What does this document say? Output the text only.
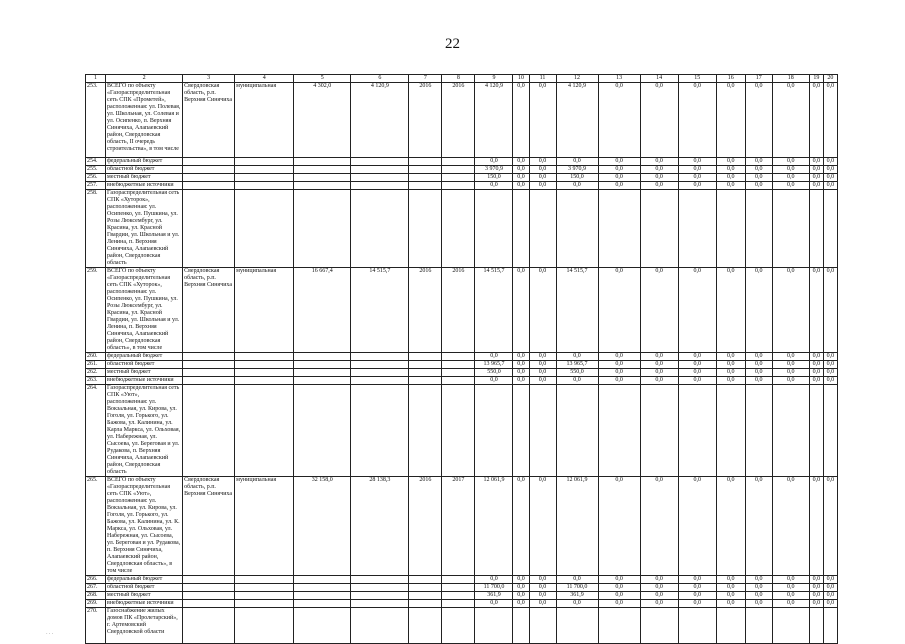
22
1	2	3	4	5	6	7	8	9	10	11	12	13	14	15	16	17	18	19	20
253.	ВСЕГО по объекту «Газораспределительная сеть СПК «Прометей», расположенная: ул. Полевая, ул. Школьная, ул. Солевая и ул. Осипенко, п. Верхняя Синячиха, Алапаевский район, Свердловская область, II очередь строительства», в том числе	Свердловская область, р.п. Верхняя Синячиха	муниципальная	4 302,0	4 120,9	2016	2016	4 120,9	0,0	0,0	4 120,9	0,0	0,0	0,0	0,0	0,0	0,0	0,0	0,0
254.	федеральный бюджет							0,0	0,0	0,0	0,0	0,0	0,0	0,0	0,0	0,0	0,0	0,0	0,0
255.	областной бюджет							3 970,9	0,0	0,0	3 970,9	0,0	0,0	0,0	0,0	0,0	0,0	0,0	0,0
256.	местный бюджет							150,0	0,0	0,0	150,0	0,0	0,0	0,0	0,0	0,0	0,0	0,0	0,0
257.	внебюджетные источники							0,0	0,0	0,0	0,0	0,0	0,0	0,0	0,0	0,0	0,0	0,0	0,0
258.	Газораспределительная сеть СПК «Хуторок», расположенная: ул. Осипенко, ул. Пушкина, ул. Розы Люксембург, ул. Красина, ул. Красной Гвардии, ул. Школьная и ул. Ленина, п. Верхняя Синячиха, Алапаевский район, Свердловская область																		
259.	ВСЕГО по объекту «Газораспределительная сеть СПК «Хуторок», расположенная: ул. Осипенко, ул. Пушкина, ул. Розы Люксембург, ул. Красина, ул. Красной Гвардии, ул. Школьная и ул. Ленина, п. Верхняя Синячиха, Алапаевский район, Свердловская область», в том числе	Свердловская область, р.п. Верхняя Синячиха	муниципальная	16 667,4	14 515,7	2016	2016	14 515,7	0,0	0,0	14 515,7	0,0	0,0	0,0	0,0	0,0	0,0	0,0	0,0
260.	федеральный бюджет							0,0	0,0	0,0	0,0	0,0	0,0	0,0	0,0	0,0	0,0	0,0	0,0
261.	областной бюджет							13 965,7	0,0	0,0	13 965,7	0,0	0,0	0,0	0,0	0,0	0,0	0,0	0,0
262.	местный бюджет							550,0	0,0	0,0	550,0	0,0	0,0	0,0	0,0	0,0	0,0	0,0	0,0
263.	внебюджетные источники							0,0	0,0	0,0	0,0	0,0	0,0	0,0	0,0	0,0	0,0	0,0	0,0
264.	Газораспределительная сеть СПК «Уют», расположенная: ул. Вокзальная, ул. Кирова, ул. Гоголя, ул. Горького, ул. Бажова, ул. Калинина, ул. Карла Маркса, ул. Ольховая, ул. Набережная, ул. Сысоева, ул. Береговая и ул. Рудакова, п. Верхняя Синячиха, Алапаевский район, Свердловская область																		
265.	ВСЕГО по объекту «Газораспределительная сеть СПК «Уют», расположенная: ул. Вокзальная, ул. Кирова, ул. Гоголя, ул. Горького, ул. Бажова, ул. Калинина, ул. К. Маркса, ул. Ольховая, ул. Набережная, ул. Сысоева, ул. Береговая и ул. Рудакова, п. Верхняя Синячиха, Алапаевский район, Свердловская область», в том числе	Свердловская область, р.п. Верхняя Синячиха	муниципальная	32 158,0	28 138,3	2016	2017	12 061,9	0,0	0,0	12 061,9	0,0	0,0	0,0	0,0	0,0	0,0	0,0	0,0
266.	федеральный бюджет							0,0	0,0	0,0	0,0	0,0	0,0	0,0	0,0	0,0	0,0	0,0	0,0
267.	областной бюджет							11 700,0	0,0	0,0	11 700,0	0,0	0,0	0,0	0,0	0,0	0,0	0,0	0,0
268.	местный бюджет							361,9	0,0	0,0	361,9	0,0	0,0	0,0	0,0	0,0	0,0	0,0	0,0
269.	внебюджетные источники							0,0	0,0	0,0	0,0	0,0	0,0	0,0	0,0	0,0	0,0	0,0	0,0
270.	Газоснабжение жилых домов ПК «Пролетарский», г. Артемовский Свердловской области																		
· · ·
